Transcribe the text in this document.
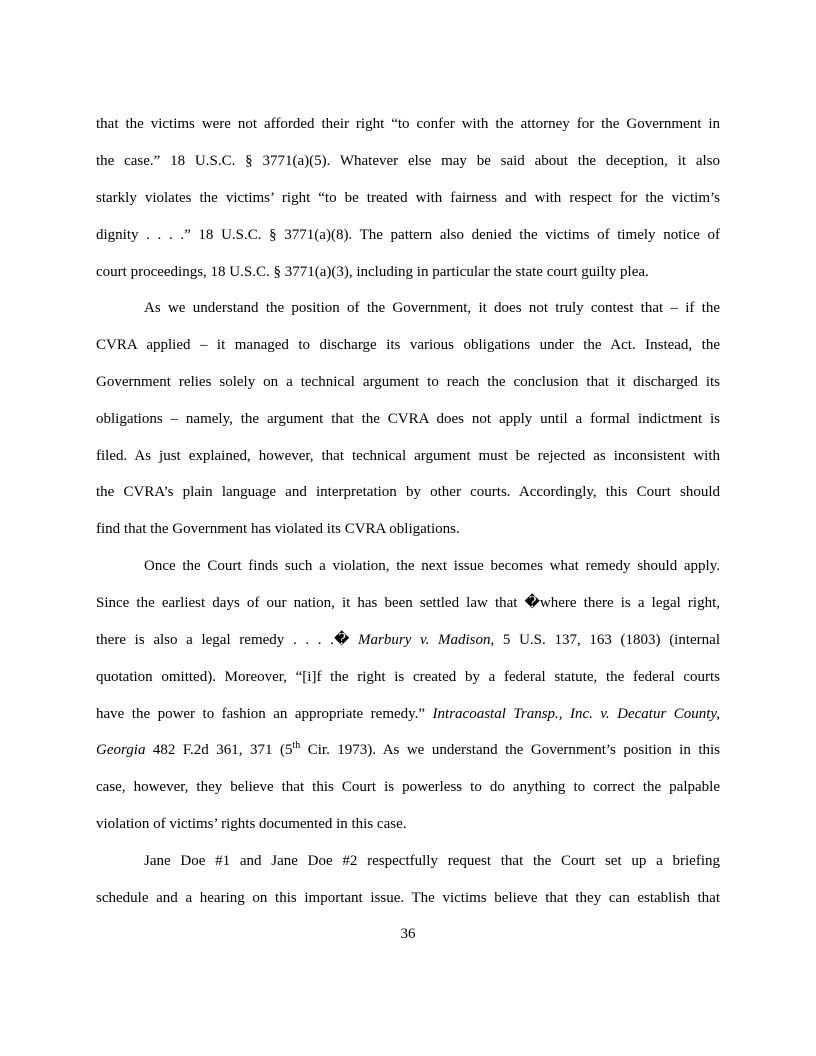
that the victims were not afforded their right “to confer with the attorney for the Government in
the case.” 18 U.S.C. § 3771(a)(5). Whatever else may be said about the deception, it also
starkly violates the victims’ right “to be treated with fairness and with respect for the victim’s
dignity . . . .” 18 U.S.C. § 3771(a)(8). The pattern also denied the victims of timely notice of
court proceedings, 18 U.S.C. § 3771(a)(3), including in particular the state court guilty plea.
As we understand the position of the Government, it does not truly contest that – if the
CVRA applied – it managed to discharge its various obligations under the Act. Instead, the
Government relies solely on a technical argument to reach the conclusion that it discharged its
obligations – namely, the argument that the CVRA does not apply until a formal indictment is
filed. As just explained, however, that technical argument must be rejected as inconsistent with
the CVRA’s plain language and interpretation by other courts. Accordingly, this Court should
find that the Government has violated its CVRA obligations.
Once the Court finds such a violation, the next issue becomes what remedy should apply.
Since the earliest days of our nation, it has been settled law that �where there is a legal right,
there is also a legal remedy . . . .� Marbury v. Madison, 5 U.S. 137, 163 (1803) (internal
quotation omitted). Moreover, “[i]f the right is created by a federal statute, the federal courts
have the power to fashion an appropriate remedy.” Intracoastal Transp., Inc. v. Decatur County,
Georgia 482 F.2d 361, 371 (5th Cir. 1973). As we understand the Government’s position in this
case, however, they believe that this Court is powerless to do anything to correct the palpable
violation of victims’ rights documented in this case.
Jane Doe #1 and Jane Doe #2 respectfully request that the Court set up a briefing
schedule and a hearing on this important issue. The victims believe that they can establish that
36
